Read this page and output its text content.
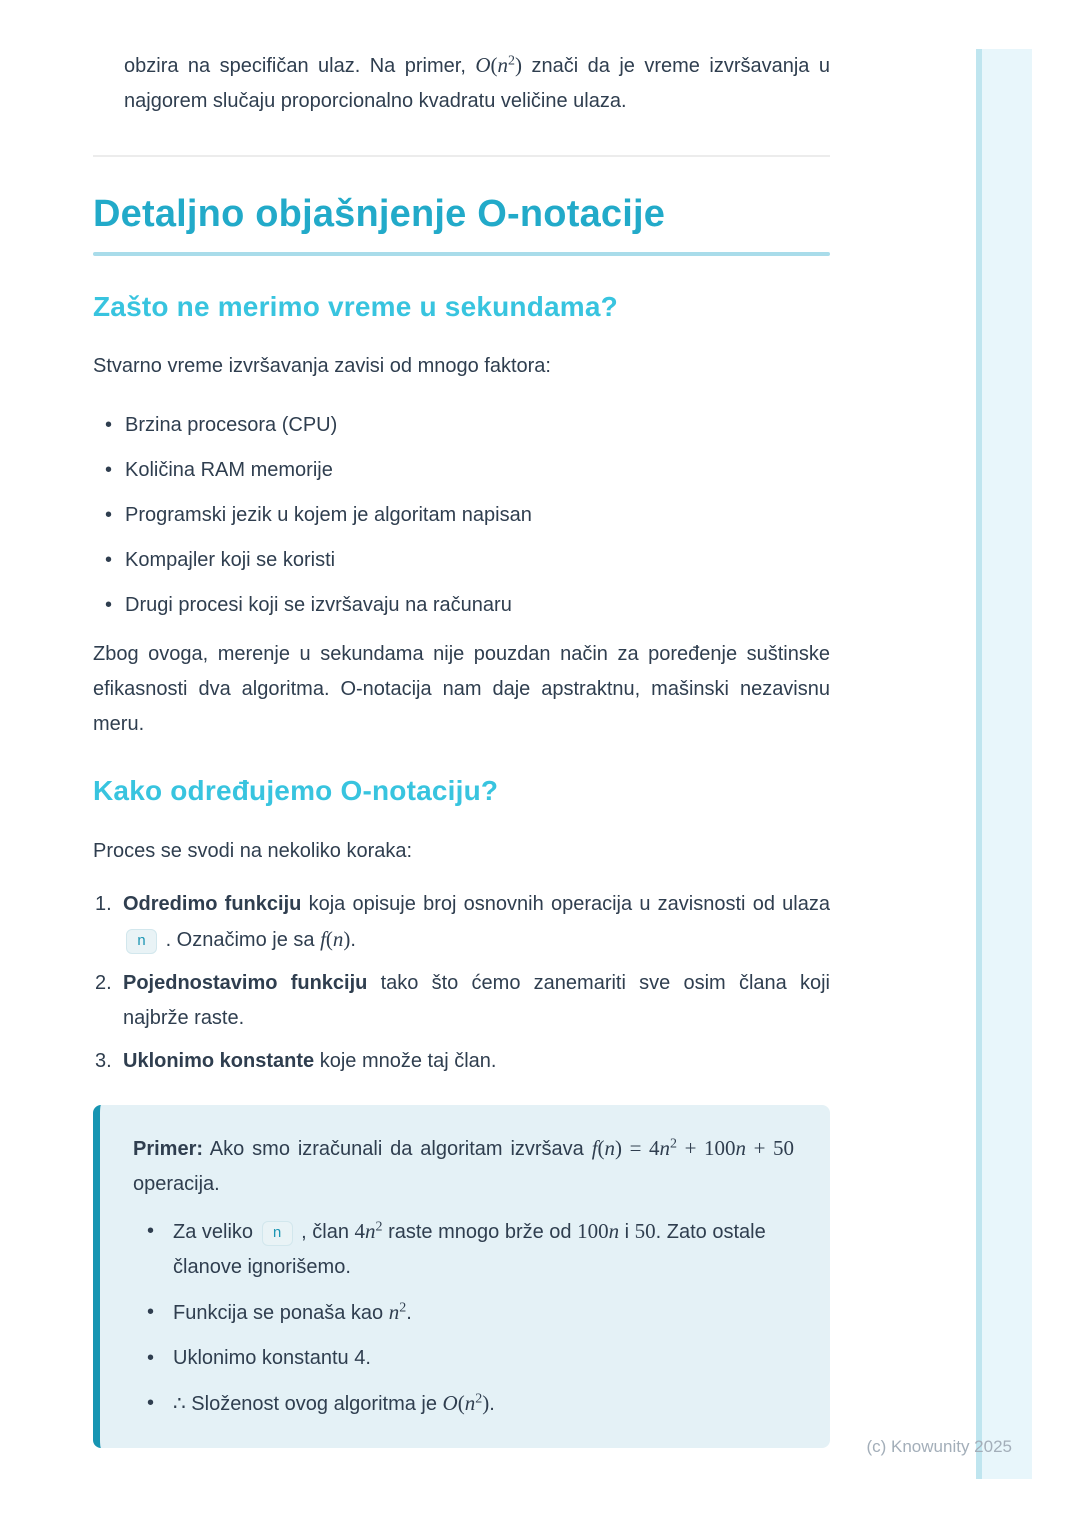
obzira na specifičan ulaz. Na primer, $O(n^2)$ znači da je vreme izvršavanja u najgorem slučaju proporcionalno kvadratu veličine ulaza.

Detaljno objašnjenje O-notacije
Zašto ne merimo vreme u sekundama?

Stvarno vreme izvršavanja zavisi od mnogo faktora:

• Brzina procesora (CPU)
• Količina RAM memorije
• Programski jezik u kojem je algoritam napisan
• Kompajler koji se koristi
• Drugi procesi koji se izvršavaju na računaru

Zbog ovoga, merenje u sekundama nije pouzdan način za poređenje suštinske efikasnosti dva algoritma. O-notacija nam daje apstraktnu, mašinski nezavisnu meru.

Kako određujemo O-notaciju?

Proces se svodi na nekoliko koraka:

1. Odredimo funkciju koja opisuje broj osnovnih operacija u zavisnosti od ulaza n . Označimo je sa f(n).
2. Pojednostavimo funkciju tako što ćemo zanemariti sve osim člana koji najbrže raste.
3. Uklonimo konstante koje množe taj član.

Primer: Ako smo izračunali da algoritam izvršava $f(n) = 4n^2 + 100n + 50$ operacija.

• Za veliko n , član $4n^2$ raste mnogo brže od 100n i 50. Zato ostale članove ignorišemo.
• Funkcija se ponaša kao $n^2$.
• Uklonimo konstantu 4.
• ∴ Složenost ovog algoritma je $O(n^2)$.
(c) Knowunity 2025
